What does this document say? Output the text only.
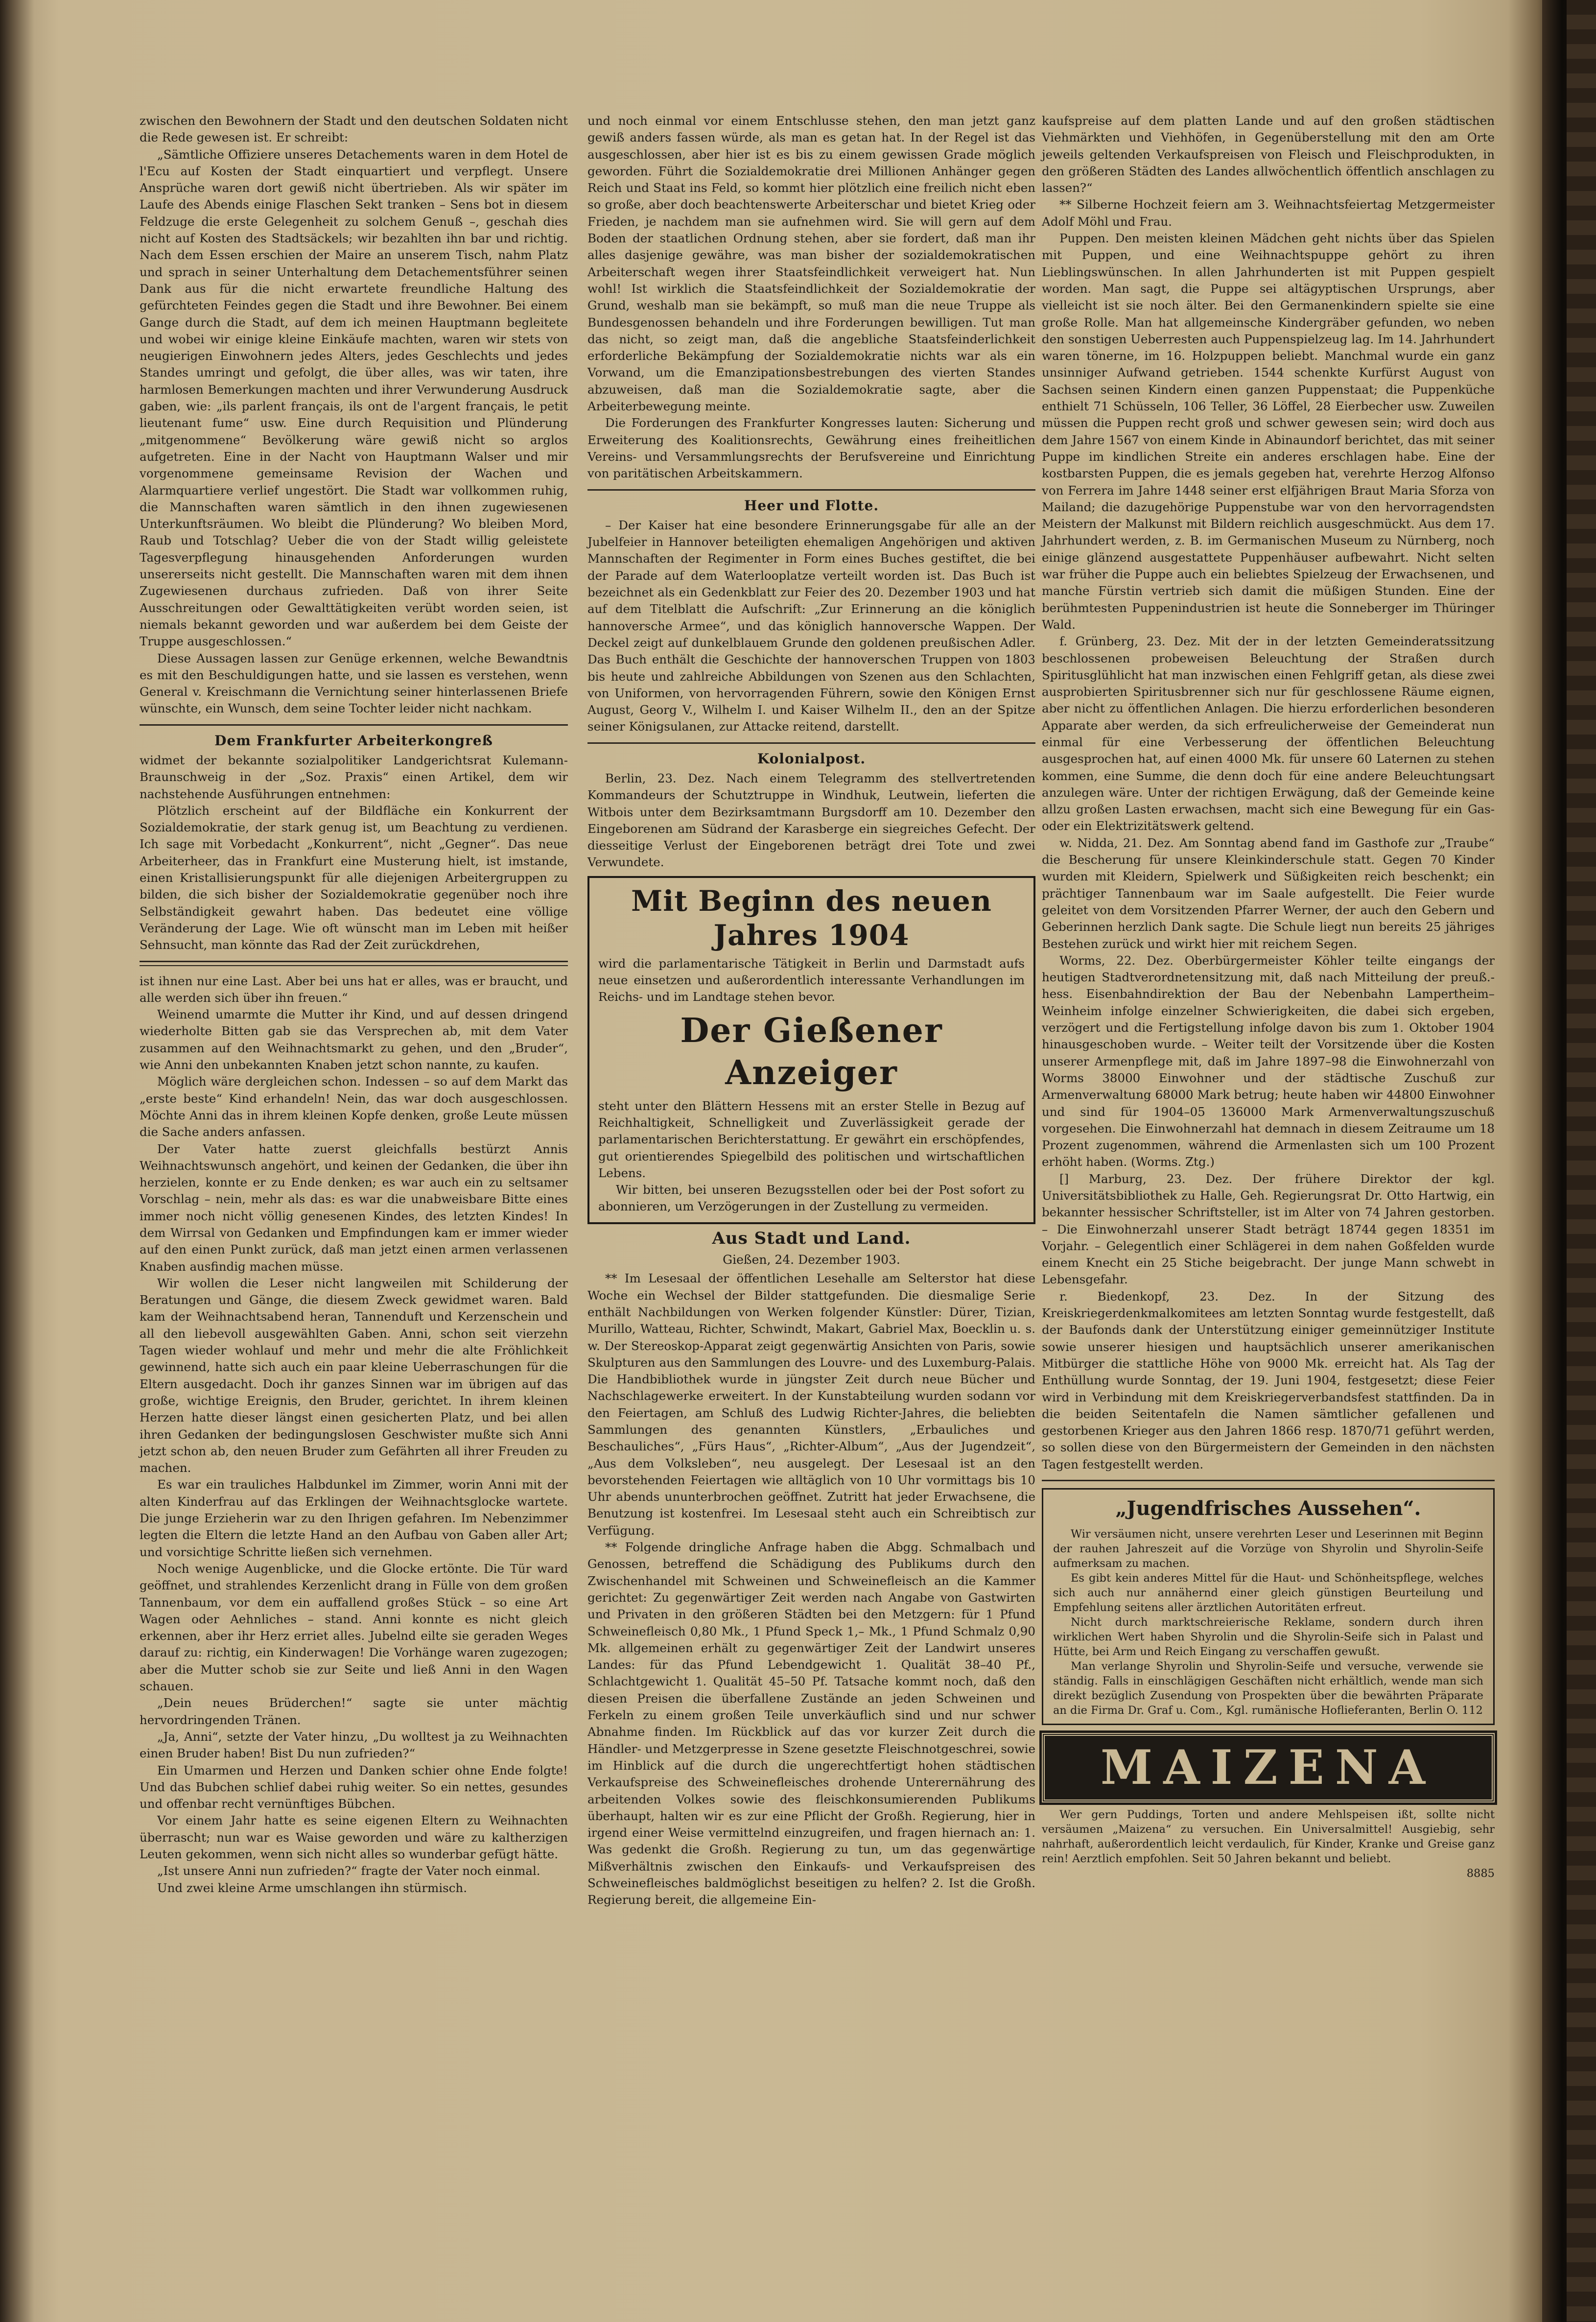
zwischen den Bewohnern der Stadt und den deutschen Soldaten nicht die Rede gewesen ist. Er schreibt:

„Sämtliche Offiziere unseres Detachements waren in dem Hotel de l'Ecu auf Kosten der Stadt einquartiert und verpflegt. Unsere Ansprüche waren dort gewiß nicht übertrieben. Als wir später im Laufe des Abends einige Flaschen Sekt tranken – Sens bot in diesem Feldzuge die erste Gelegenheit zu solchem Genuß –, geschah dies nicht auf Kosten des Stadtsäckels; wir bezahlten ihn bar und richtig. Nach dem Essen erschien der Maire an unserem Tisch, nahm Platz und sprach in seiner Unterhaltung dem Detachementsführer seinen Dank aus für die nicht erwartete freundliche Haltung des gefürchteten Feindes gegen die Stadt und ihre Bewohner. Bei einem Gange durch die Stadt, auf dem ich meinen Hauptmann begleitete und wobei wir einige kleine Einkäufe machten, waren wir stets von neugierigen Einwohnern jedes Alters, jedes Geschlechts und jedes Standes umringt und gefolgt, die über alles, was wir taten, ihre harmlosen Bemerkungen machten und ihrer Verwunderung Ausdruck gaben, wie: „ils parlent français, ils ont de l'argent français, le petit lieutenant fume“ usw. Eine durch Requisition und Plünderung „mitgenommene“ Bevölkerung wäre gewiß nicht so arglos aufgetreten. Eine in der Nacht von Hauptmann Walser und mir vorgenommene gemeinsame Revision der Wachen und Alarmquartiere verlief ungestört. Die Stadt war vollkommen ruhig, die Mannschaften waren sämtlich in den ihnen zugewiesenen Unterkunftsräumen. Wo bleibt die Plünderung? Wo bleiben Mord, Raub und Totschlag? Ueber die von der Stadt willig geleistete Tagesverpflegung hinausgehenden Anforderungen wurden unsererseits nicht gestellt. Die Mannschaften waren mit dem ihnen Zugewiesenen durchaus zufrieden. Daß von ihrer Seite Ausschreitungen oder Gewalttätigkeiten verübt worden seien, ist niemals bekannt geworden und war außerdem bei dem Geiste der Truppe ausgeschlossen.“

Diese Aussagen lassen zur Genüge erkennen, welche Bewandtnis es mit den Beschuldigungen hatte, und sie lassen es verstehen, wenn General v. Kreischmann die Vernichtung seiner hinterlassenen Briefe wünschte, ein Wunsch, dem seine Tochter leider nicht nachkam.

Dem Frankfurter Arbeiterkongreß

widmet der bekannte sozialpolitiker Landgerichtsrat Kulemann-Braunschweig in der „Soz. Praxis“ einen Artikel, dem wir nachstehende Ausführungen entnehmen:

Plötzlich erscheint auf der Bildfläche ein Konkurrent der Sozialdemokratie, der stark genug ist, um Beachtung zu verdienen. Ich sage mit Vorbedacht „Konkurrent“, nicht „Gegner“. Das neue Arbeiterheer, das in Frankfurt eine Musterung hielt, ist imstande, einen Kristallisierungspunkt für alle diejenigen Arbeitergruppen zu bilden, die sich bisher der Sozialdemokratie gegenüber noch ihre Selbständigkeit gewahrt haben. Das bedeutet eine völlige Veränderung der Lage. Wie oft wünscht man im Leben mit heißer Sehnsucht, man könnte das Rad der Zeit zurückdrehen,

ist ihnen nur eine Last. Aber bei uns hat er alles, was er braucht, und alle werden sich über ihn freuen.“

Weinend umarmte die Mutter ihr Kind, und auf dessen dringend wiederholte Bitten gab sie das Versprechen ab, mit dem Vater zusammen auf den Weihnachtsmarkt zu gehen, und den „Bruder“, wie Anni den unbekannten Knaben jetzt schon nannte, zu kaufen.

Möglich wäre dergleichen schon. Indessen – so auf dem Markt das „erste beste“ Kind erhandeln! Nein, das war doch ausgeschlossen. Möchte Anni das in ihrem kleinen Kopfe denken, große Leute müssen die Sache anders anfassen.

Der Vater hatte zuerst gleichfalls bestürzt Annis Weihnachtswunsch angehört, und keinen der Gedanken, die über ihn herzielen, konnte er zu Ende denken; es war auch ein zu seltsamer Vorschlag – nein, mehr als das: es war die unabweisbare Bitte eines immer noch nicht völlig genesenen Kindes, des letzten Kindes! In dem Wirrsal von Gedanken und Empfindungen kam er immer wieder auf den einen Punkt zurück, daß man jetzt einen armen verlassenen Knaben ausfindig machen müsse.

Wir wollen die Leser nicht langweilen mit Schilderung der Beratungen und Gänge, die diesem Zweck gewidmet waren. Bald kam der Weihnachtsabend heran, Tannenduft und Kerzenschein und all den liebevoll ausgewählten Gaben. Anni, schon seit vierzehn Tagen wieder wohlauf und mehr und mehr die alte Fröhlichkeit gewinnend, hatte sich auch ein paar kleine Ueberraschungen für die Eltern ausgedacht. Doch ihr ganzes Sinnen war im übrigen auf das große, wichtige Ereignis, den Bruder, gerichtet. In ihrem kleinen Herzen hatte dieser längst einen gesicherten Platz, und bei allen ihren Gedanken der bedingungslosen Geschwister mußte sich Anni jetzt schon ab, den neuen Bruder zum Gefährten all ihrer Freuden zu machen.

Es war ein trauliches Halbdunkel im Zimmer, worin Anni mit der alten Kinderfrau auf das Erklingen der Weihnachtsglocke wartete. Die junge Erzieherin war zu den Ihrigen gefahren. Im Nebenzimmer legten die Eltern die letzte Hand an den Aufbau von Gaben aller Art; und vorsichtige Schritte ließen sich vernehmen.

Noch wenige Augenblicke, und die Glocke ertönte. Die Tür ward geöffnet, und strahlendes Kerzenlicht drang in Fülle von dem großen Tannenbaum, vor dem ein auffallend großes Stück – so eine Art Wagen oder Aehnliches – stand. Anni konnte es nicht gleich erkennen, aber ihr Herz erriet alles. Jubelnd eilte sie geraden Weges darauf zu: richtig, ein Kinderwagen! Die Vorhänge waren zugezogen; aber die Mutter schob sie zur Seite und ließ Anni in den Wagen schauen.

„Dein neues Brüderchen!“ sagte sie unter mächtig hervordringenden Tränen.

„Ja, Anni“, setzte der Vater hinzu, „Du wolltest ja zu Weihnachten einen Bruder haben! Bist Du nun zufrieden?“

Ein Umarmen und Herzen und Danken schier ohne Ende folgte! Und das Bubchen schlief dabei ruhig weiter. So ein nettes, gesundes und offenbar recht vernünftiges Bübchen.

Vor einem Jahr hatte es seine eigenen Eltern zu Weihnachten überrascht; nun war es Waise geworden und wäre zu kaltherzigen Leuten gekommen, wenn sich nicht alles so wunderbar gefügt hätte.

„Ist unsere Anni nun zufrieden?“ fragte der Vater noch einmal.

Und zwei kleine Arme umschlangen ihn stürmisch.

und noch einmal vor einem Entschlusse stehen, den man jetzt ganz gewiß anders fassen würde, als man es getan hat. In der Regel ist das ausgeschlossen, aber hier ist es bis zu einem gewissen Grade möglich geworden. Führt die Sozialdemokratie drei Millionen Anhänger gegen Reich und Staat ins Feld, so kommt hier plötzlich eine freilich nicht eben so große, aber doch beachtenswerte Arbeiterschar und bietet Krieg oder Frieden, je nachdem man sie aufnehmen wird. Sie will gern auf dem Boden der staatlichen Ordnung stehen, aber sie fordert, daß man ihr alles dasjenige gewähre, was man bisher der sozialdemokratischen Arbeiterschaft wegen ihrer Staatsfeindlichkeit verweigert hat. Nun wohl! Ist wirklich die Staatsfeindlichkeit der Sozialdemokratie der Grund, weshalb man sie bekämpft, so muß man die neue Truppe als Bundesgenossen behandeln und ihre Forderungen bewilligen. Tut man das nicht, so zeigt man, daß die angebliche Staatsfeinderlichkeit erforderliche Bekämpfung der Sozialdemokratie nichts war als ein Vorwand, um die Emanzipationsbestrebungen des vierten Standes abzuweisen, daß man die Sozialdemokratie sagte, aber die Arbeiterbewegung meinte.

Die Forderungen des Frankfurter Kongresses lauten: Sicherung und Erweiterung des Koalitionsrechts, Gewährung eines freiheitlichen Vereins- und Versammlungsrechts der Berufsvereine und Einrichtung von paritätischen Arbeitskammern.

Heer und Flotte.

– Der Kaiser hat eine besondere Erinnerungsgabe für alle an der Jubelfeier in Hannover beteiligten ehemaligen Angehörigen und aktiven Mannschaften der Regimenter in Form eines Buches gestiftet, die bei der Parade auf dem Waterlooplatze verteilt worden ist. Das Buch ist bezeichnet als ein Gedenkblatt zur Feier des 20. Dezember 1903 und hat auf dem Titelblatt die Aufschrift: „Zur Erinnerung an die königlich hannoversche Armee“, und das königlich hannoversche Wappen. Der Deckel zeigt auf dunkelblauem Grunde den goldenen preußischen Adler. Das Buch enthält die Geschichte der hannoverschen Truppen von 1803 bis heute und zahlreiche Abbildungen von Szenen aus den Schlachten, von Uniformen, von hervorragenden Führern, sowie den Königen Ernst August, Georg V., Wilhelm I. und Kaiser Wilhelm II., den an der Spitze seiner Königsulanen, zur Attacke reitend, darstellt.

Kolonialpost.

Berlin, 23. Dez. Nach einem Telegramm des stellvertretenden Kommandeurs der Schutztruppe in Windhuk, Leutwein, lieferten die Witbois unter dem Bezirksamtmann Burgsdorff am 10. Dezember den Eingeborenen am Südrand der Karasberge ein siegreiches Gefecht. Der diesseitige Verlust der Eingeborenen beträgt drei Tote und zwei Verwundete.

Mit Beginn des neuen Jahres 1904

wird die parlamentarische Tätigkeit in Berlin und Darmstadt aufs neue einsetzen und außerordentlich interessante Verhandlungen im Reichs- und im Landtage stehen bevor.

Der Gießener Anzeiger

steht unter den Blättern Hessens mit an erster Stelle in Bezug auf Reichhaltigkeit, Schnelligkeit und Zuverlässigkeit gerade der parlamentarischen Berichterstattung. Er gewährt ein erschöpfendes, gut orientierendes Spiegelbild des politischen und wirtschaftlichen Lebens.

Wir bitten, bei unseren Bezugsstellen oder bei der Post sofort zu abonnieren, um Verzögerungen in der Zustellung zu vermeiden.

Aus Stadt und Land.
Gießen, 24. Dezember 1903.

** Im Lesesaal der öffentlichen Lesehalle am Selterstor hat diese Woche ein Wechsel der Bilder stattgefunden. Die diesmalige Serie enthält Nachbildungen von Werken folgender Künstler: Dürer, Tizian, Murillo, Watteau, Richter, Schwindt, Makart, Gabriel Max, Boecklin u. s. w. Der Stereoskop-Apparat zeigt gegenwärtig Ansichten von Paris, sowie Skulpturen aus den Sammlungen des Louvre- und des Luxemburg-Palais. Die Handbibliothek wurde in jüngster Zeit durch neue Bücher und Nachschlagewerke erweitert. In der Kunstabteilung wurden sodann vor den Feiertagen, am Schluß des Ludwig Richter-Jahres, die beliebten Sammlungen des genannten Künstlers, „Erbauliches und Beschauliches“, „Fürs Haus“, „Richter-Album“, „Aus der Jugendzeit“, „Aus dem Volksleben“, neu ausgelegt. Der Lesesaal ist an den bevorstehenden Feiertagen wie alltäglich von 10 Uhr vormittags bis 10 Uhr abends ununterbrochen geöffnet. Zutritt hat jeder Erwachsene, die Benutzung ist kostenfrei. Im Lesesaal steht auch ein Schreibtisch zur Verfügung.

** Folgende dringliche Anfrage haben die Abgg. Schmalbach und Genossen, betreffend die Schädigung des Publikums durch den Zwischenhandel mit Schweinen und Schweinefleisch an die Kammer gerichtet: Zu gegenwärtiger Zeit werden nach Angabe von Gastwirten und Privaten in den größeren Städten bei den Metzgern: für 1 Pfund Schweinefleisch 0,80 Mk., 1 Pfund Speck 1,– Mk., 1 Pfund Schmalz 0,90 Mk. allgemeinen erhält zu gegenwärtiger Zeit der Landwirt unseres Landes: für das Pfund Lebendgewicht 1. Qualität 38–40 Pf., Schlachtgewicht 1. Qualität 45–50 Pf. Tatsache kommt noch, daß den diesen Preisen die überfallene Zustände an jeden Schweinen und Ferkeln zu einem großen Teile unverkäuflich sind und nur schwer Abnahme finden. Im Rückblick auf das vor kurzer Zeit durch die Händler- und Metzgerpresse in Szene gesetzte Fleischnotgeschrei, sowie im Hinblick auf die durch die ungerechtfertigt hohen städtischen Verkaufspreise des Schweinefleisches drohende Unterernährung des arbeitenden Volkes sowie des fleischkonsumierenden Publikums überhaupt, halten wir es zur eine Pflicht der Großh. Regierung, hier in irgend einer Weise vermittelnd einzugreifen, und fragen hiernach an: 1. Was gedenkt die Großh. Regierung zu tun, um das gegenwärtige Mißverhältnis zwischen den Einkaufs- und Verkaufspreisen des Schweinefleisches baldmöglichst beseitigen zu helfen? 2. Ist die Großh. Regierung bereit, die allgemeine Ein-

kaufspreise auf dem platten Lande und auf den großen städtischen Viehmärkten und Viehhöfen, in Gegenüberstellung mit den am Orte jeweils geltenden Verkaufspreisen von Fleisch und Fleischprodukten, in den größeren Städten des Landes allwöchentlich öffentlich anschlagen zu lassen?“

** Silberne Hochzeit feiern am 3. Weihnachtsfeiertag Metzgermeister Adolf Möhl und Frau.

Puppen. Den meisten kleinen Mädchen geht nichts über das Spielen mit Puppen, und eine Weihnachtspuppe gehört zu ihren Lieblingswünschen. In allen Jahrhunderten ist mit Puppen gespielt worden. Man sagt, die Puppe sei altägyptischen Ursprungs, aber vielleicht ist sie noch älter. Bei den Germanenkindern spielte sie eine große Rolle. Man hat allgemeinsche Kindergräber gefunden, wo neben den sonstigen Ueberresten auch Puppenspielzeug lag. Im 14. Jahrhundert waren tönerne, im 16. Holzpuppen beliebt. Manchmal wurde ein ganz unsinniger Aufwand getrieben. 1544 schenkte Kurfürst August von Sachsen seinen Kindern einen ganzen Puppenstaat; die Puppenküche enthielt 71 Schüsseln, 106 Teller, 36 Löffel, 28 Eierbecher usw. Zuweilen müssen die Puppen recht groß und schwer gewesen sein; wird doch aus dem Jahre 1567 von einem Kinde in Abinaundorf berichtet, das mit seiner Puppe im kindlichen Streite ein anderes erschlagen habe. Eine der kostbarsten Puppen, die es jemals gegeben hat, verehrte Herzog Alfonso von Ferrera im Jahre 1448 seiner erst elfjährigen Braut Maria Sforza von Mailand; die dazugehörige Puppenstube war von den hervorragendsten Meistern der Malkunst mit Bildern reichlich ausgeschmückt. Aus dem 17. Jahrhundert werden, z. B. im Germanischen Museum zu Nürnberg, noch einige glänzend ausgestattete Puppenhäuser aufbewahrt. Nicht selten war früher die Puppe auch ein beliebtes Spielzeug der Erwachsenen, und manche Fürstin vertrieb sich damit die müßigen Stunden. Eine der berühmtesten Puppenindustrien ist heute die Sonneberger im Thüringer Wald.

f. Grünberg, 23. Dez. Mit der in der letzten Gemeinderatssitzung beschlossenen probeweisen Beleuchtung der Straßen durch Spiritusglühlicht hat man inzwischen einen Fehlgriff getan, als diese zwei ausprobierten Spiritusbrenner sich nur für geschlossene Räume eignen, aber nicht zu öffentlichen Anlagen. Die hierzu erforderlichen besonderen Apparate aber werden, da sich erfreulicherweise der Gemeinderat nun einmal für eine Verbesserung der öffentlichen Beleuchtung ausgesprochen hat, auf einen 4000 Mk. für unsere 60 Laternen zu stehen kommen, eine Summe, die denn doch für eine andere Beleuchtungsart anzulegen wäre. Unter der richtigen Erwägung, daß der Gemeinde keine allzu großen Lasten erwachsen, macht sich eine Bewegung für ein Gas- oder ein Elektrizitätswerk geltend.

w. Nidda, 21. Dez. Am Sonntag abend fand im Gasthofe zur „Traube“ die Bescherung für unsere Kleinkinderschule statt. Gegen 70 Kinder wurden mit Kleidern, Spielwerk und Süßigkeiten reich beschenkt; ein prächtiger Tannenbaum war im Saale aufgestellt. Die Feier wurde geleitet von dem Vorsitzenden Pfarrer Werner, der auch den Gebern und Geberinnen herzlich Dank sagte. Die Schule liegt nun bereits 25 jähriges Bestehen zurück und wirkt hier mit reichem Segen.

Worms, 22. Dez. Oberbürgermeister Köhler teilte eingangs der heutigen Stadtverordnetensitzung mit, daß nach Mitteilung der preuß.-hess. Eisenbahndirektion der Bau der Nebenbahn Lampertheim–Weinheim infolge einzelner Schwierigkeiten, die dabei sich ergeben, verzögert und die Fertigstellung infolge davon bis zum 1. Oktober 1904 hinausgeschoben wurde. – Weiter teilt der Vorsitzende über die Kosten unserer Armenpflege mit, daß im Jahre 1897–98 die Einwohnerzahl von Worms 38000 Einwohner und der städtische Zuschuß zur Armenverwaltung 68000 Mark betrug; heute haben wir 44800 Einwohner und sind für 1904–05 136000 Mark Armenverwaltungszuschuß vorgesehen. Die Einwohnerzahl hat demnach in diesem Zeitraume um 18 Prozent zugenommen, während die Armenlasten sich um 100 Prozent erhöht haben. (Worms. Ztg.)

[] Marburg, 23. Dez. Der frühere Direktor der kgl. Universitätsbibliothek zu Halle, Geh. Regierungsrat Dr. Otto Hartwig, ein bekannter hessischer Schriftsteller, ist im Alter von 74 Jahren gestorben. – Die Einwohnerzahl unserer Stadt beträgt 18744 gegen 18351 im Vorjahr. – Gelegentlich einer Schlägerei in dem nahen Goßfelden wurde einem Knecht ein 25 Stiche beigebracht. Der junge Mann schwebt in Lebensgefahr.

r. Biedenkopf, 23. Dez. In der Sitzung des Kreiskriegerdenkmalkomitees am letzten Sonntag wurde festgestellt, daß der Baufonds dank der Unterstützung einiger gemeinnütziger Institute sowie unserer hiesigen und hauptsächlich unserer amerikanischen Mitbürger die stattliche Höhe von 9000 Mk. erreicht hat. Als Tag der Enthüllung wurde Sonntag, der 19. Juni 1904, festgesetzt; diese Feier wird in Verbindung mit dem Kreiskriegerverbandsfest stattfinden. Da in die beiden Seitentafeln die Namen sämtlicher gefallenen und gestorbenen Krieger aus den Jahren 1866 resp. 1870/71 geführt werden, so sollen diese von den Bürgermeistern der Gemeinden in den nächsten Tagen festgestellt werden.

„Jugendfrisches Aussehen“.

Wir versäumen nicht, unsere verehrten Leser und Leserinnen mit Beginn der rauhen Jahreszeit auf die Vorzüge von Shyrolin und Shyrolin-Seife aufmerksam zu machen.

Es gibt kein anderes Mittel für die Haut- und Schönheitspflege, welches sich auch nur annähernd einer gleich günstigen Beurteilung und Empfehlung seitens aller ärztlichen Autoritäten erfreut.

Nicht durch marktschreierische Reklame, sondern durch ihren wirklichen Wert haben Shyrolin und die Shyrolin-Seife sich in Palast und Hütte, bei Arm und Reich Eingang zu verschaffen gewußt.

Man verlange Shyrolin und Shyrolin-Seife und versuche, verwende sie ständig. Falls in einschlägigen Geschäften nicht erhältlich, wende man sich direkt bezüglich Zusendung von Prospekten über die bewährten Präparate an die Firma Dr. Graf u. Com., Kgl. rumänische Hoflieferanten, Berlin O. 112

MAIZENA

Wer gern Puddings, Torten und andere Mehlspeisen ißt, sollte nicht versäumen „Maizena“ zu versuchen. Ein Universalmittel! Ausgiebig, sehr nahrhaft, außerordentlich leicht verdaulich, für Kinder, Kranke und Greise ganz rein! Aerztlich empfohlen. Seit 50 Jahren bekannt und beliebt.

8885
